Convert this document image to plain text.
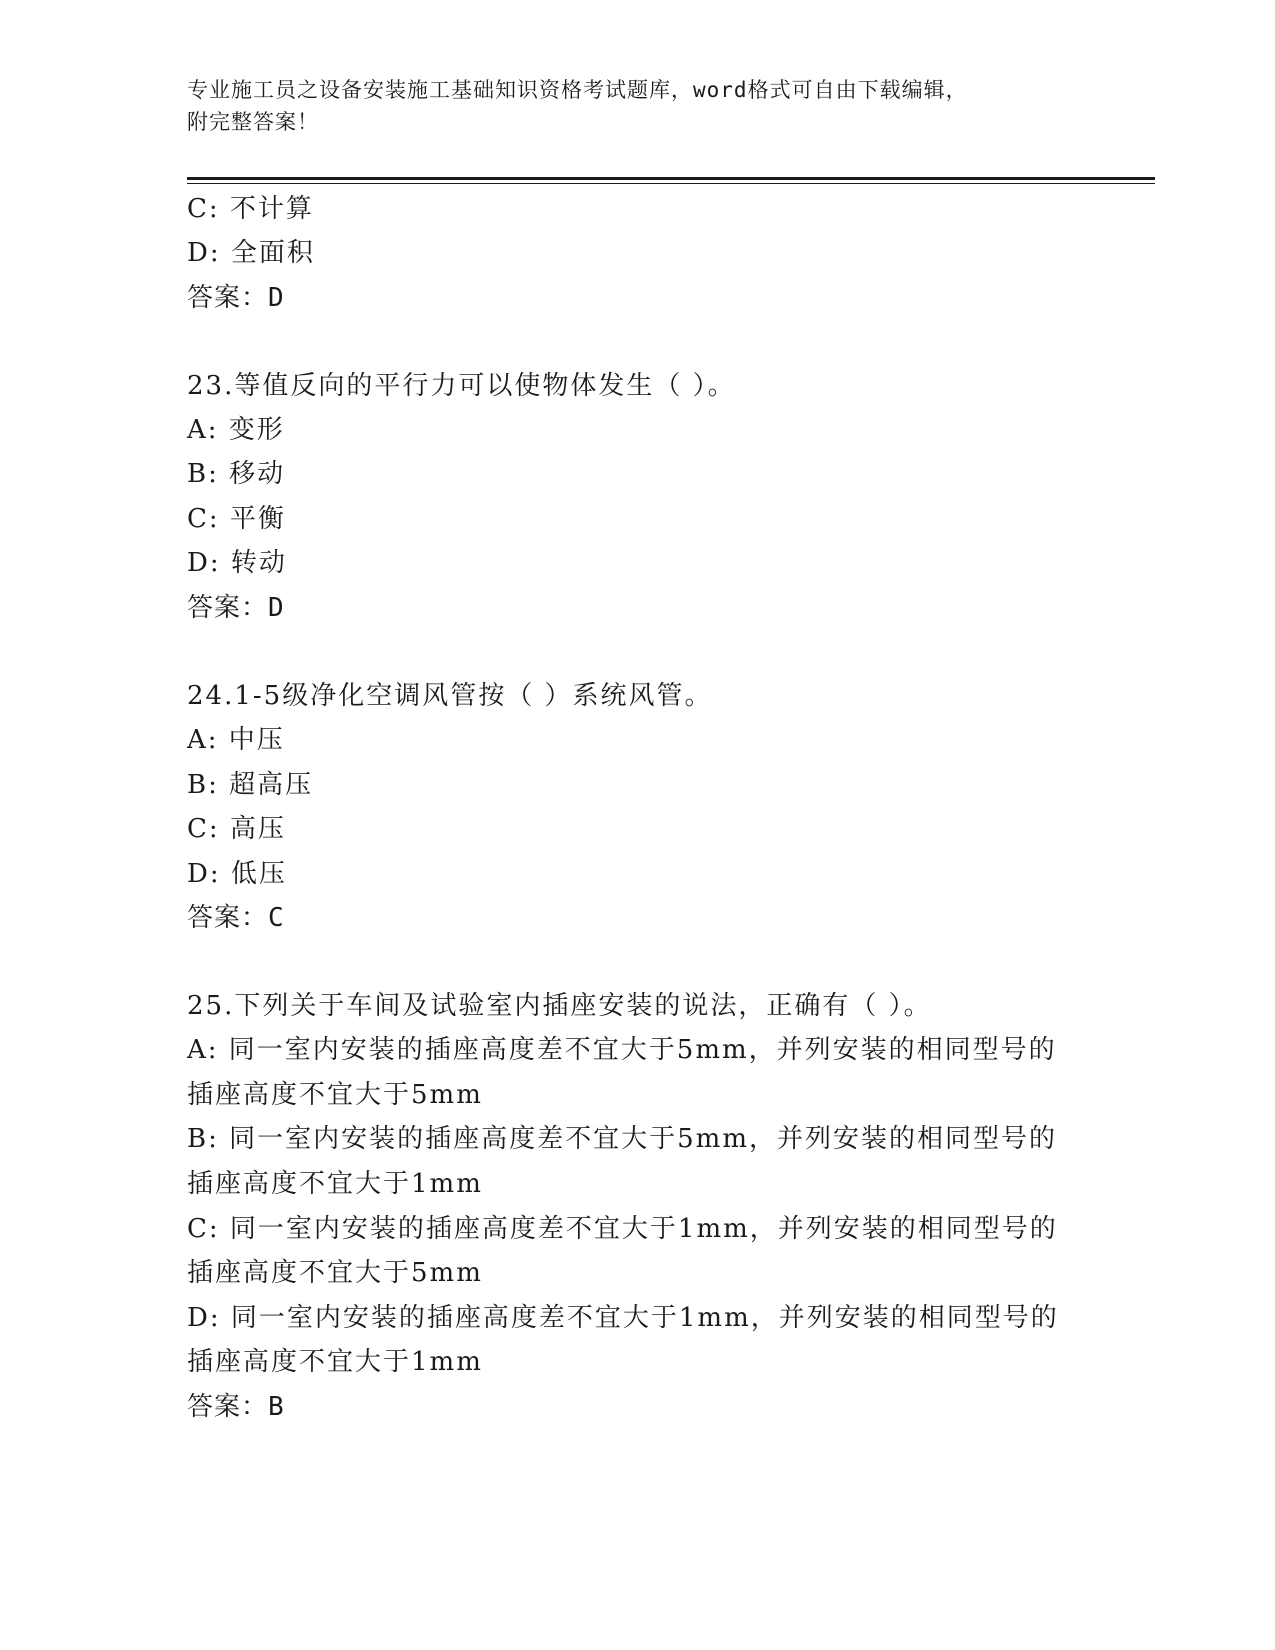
专业施工员之设备安装施工基础知识资格考试题库，word格式可自由下载编辑，
附完整答案！
C: 不计算
D: 全面积
答案：D
23.等值反向的平行力可以使物体发生（ ）。
A: 变形
B: 移动
C: 平衡
D: 转动
答案：D
24.1-5级净化空调风管按（ ）系统风管。
A: 中压
B: 超高压
C: 高压
D: 低压
答案：C
25.下列关于车间及试验室内插座安装的说法，正确有（ ）。
A: 同一室内安装的插座高度差不宜大于5mm，并列安装的相同型号的
插座高度不宜大于5mm
B: 同一室内安装的插座高度差不宜大于5mm，并列安装的相同型号的
插座高度不宜大于1mm
C: 同一室内安装的插座高度差不宜大于1mm，并列安装的相同型号的
插座高度不宜大于5mm
D: 同一室内安装的插座高度差不宜大于1mm，并列安装的相同型号的
插座高度不宜大于1mm
答案：B
